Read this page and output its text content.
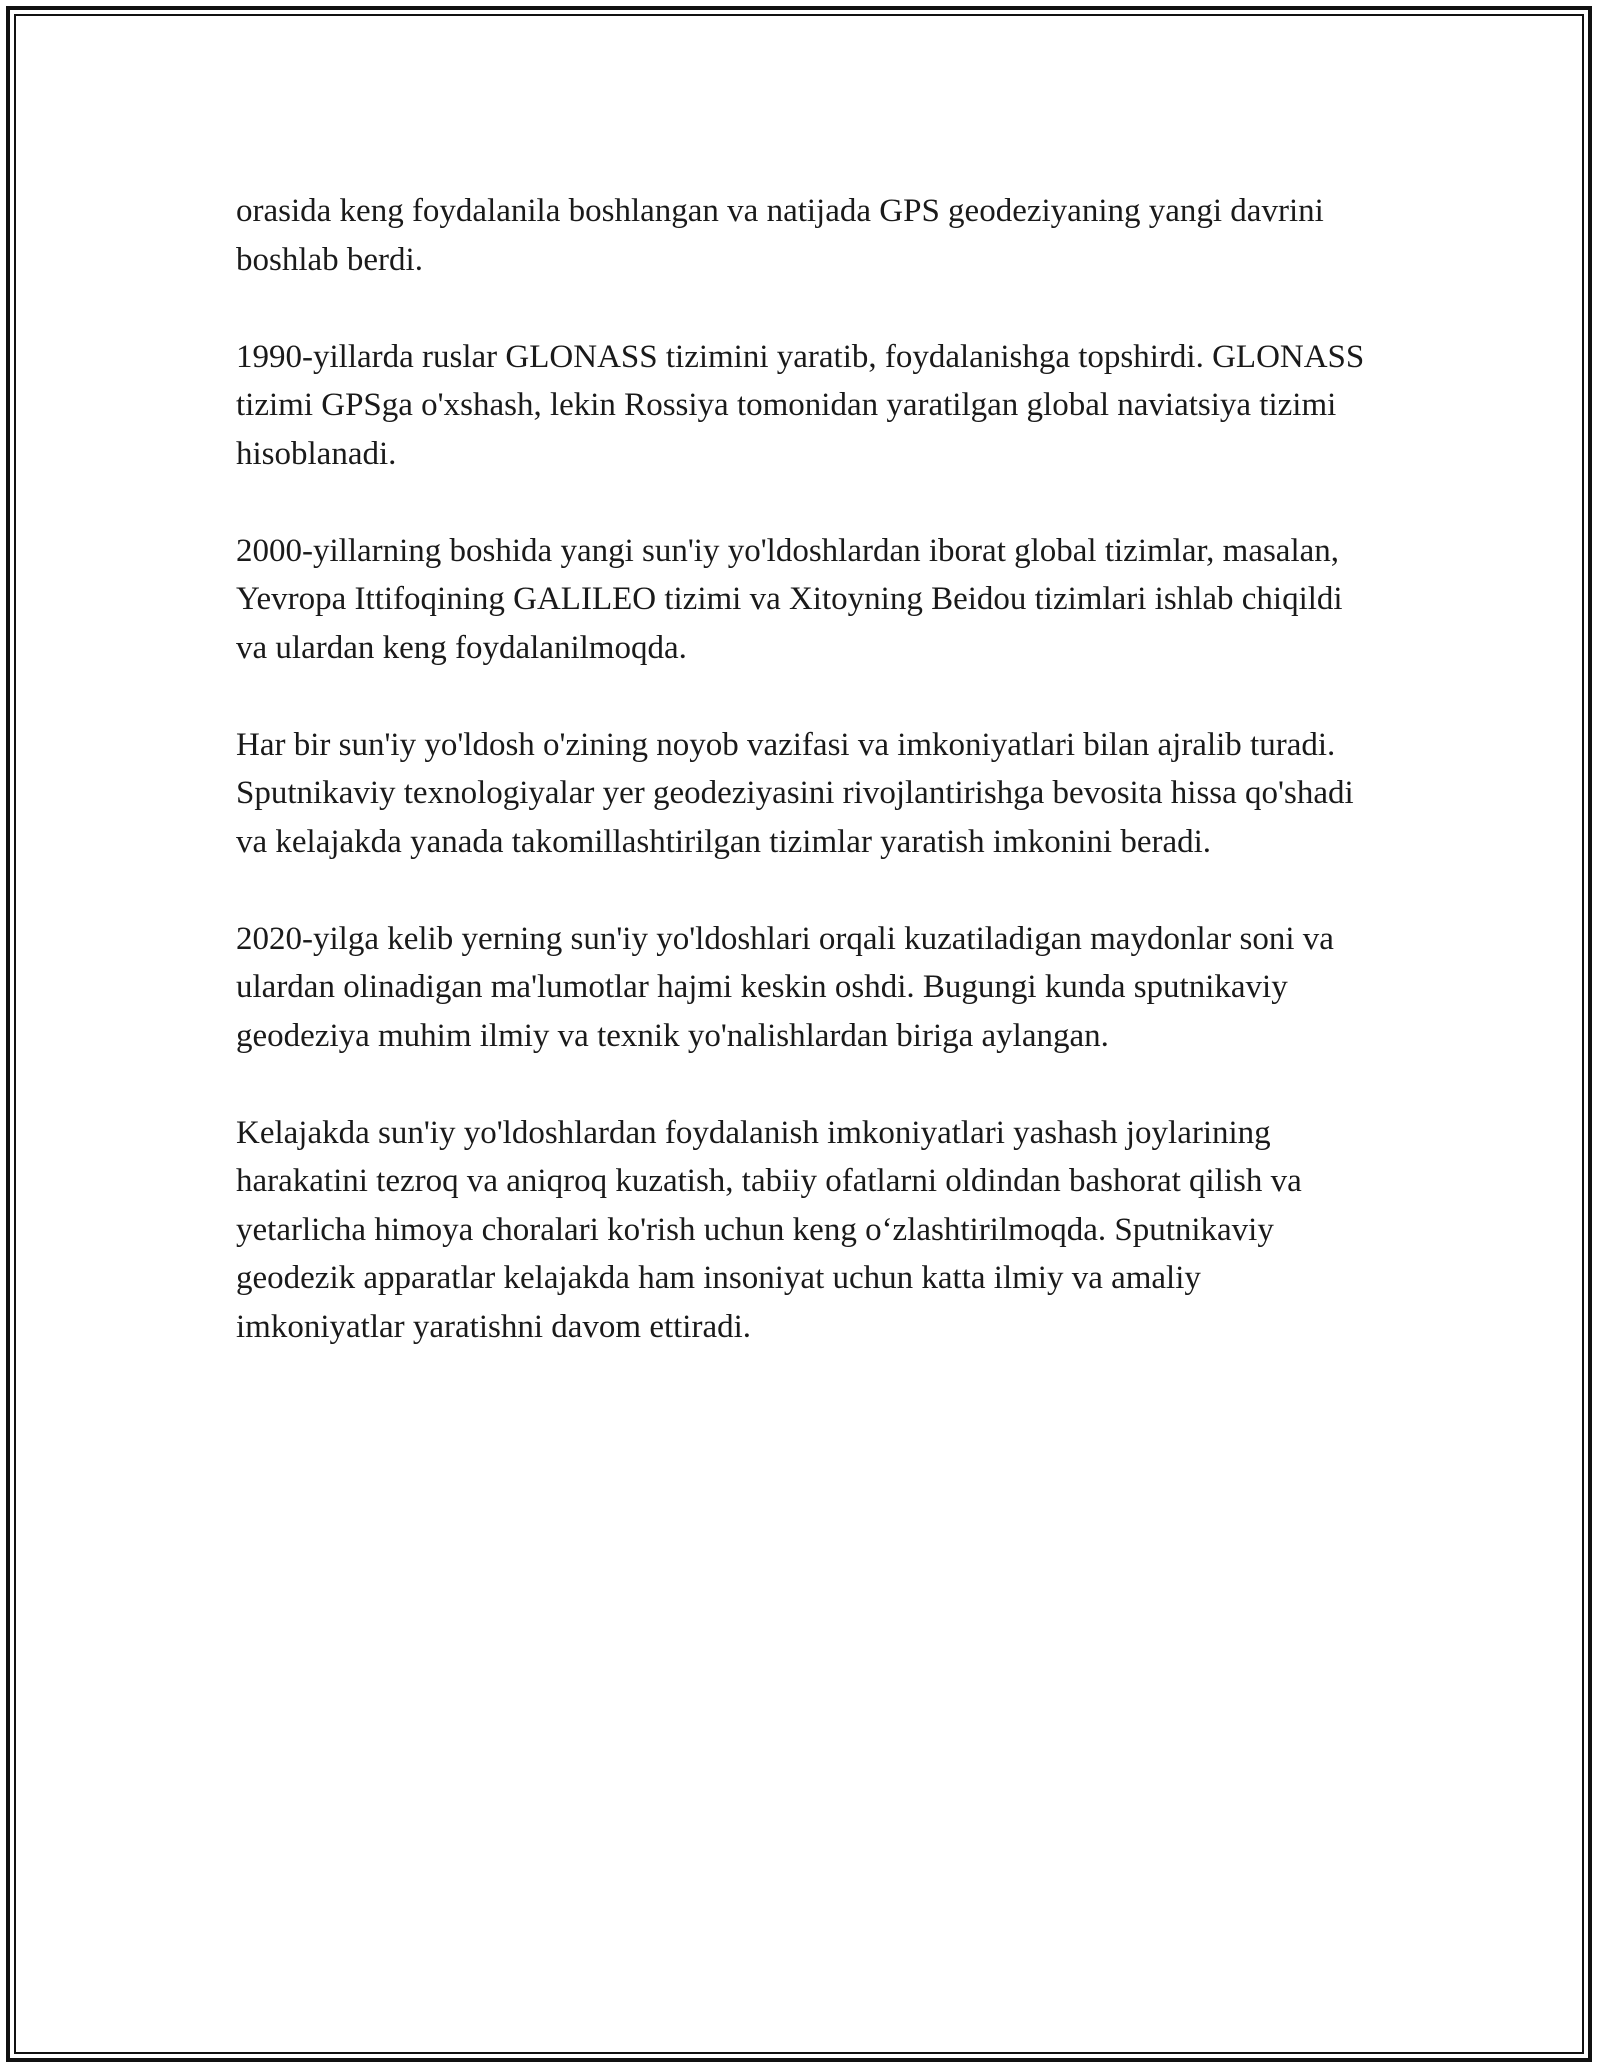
orasida keng foydalanila boshlangan va natijada GPS geodeziyaning yangi davrini boshlab berdi.

1990-yillarda ruslar GLONASS tizimini yaratib, foydalanishga topshirdi. GLONASS tizimi GPSga o'xshash, lekin Rossiya tomonidan yaratilgan global naviatsiya tizimi hisoblanadi.

2000-yillarning boshida yangi sun'iy yo'ldoshlardan iborat global tizimlar, masalan, Yevropa Ittifoqining GALILEO tizimi va Xitoyning Beidou tizimlari ishlab chiqildi va ulardan keng foydalanilmoqda.

Har bir sun'iy yo'ldosh o'zining noyob vazifasi va imkoniyatlari bilan ajralib turadi. Sputnikaviy texnologiyalar yer geodeziyasini rivojlantirishga bevosita hissa qo'shadi va kelajakda yanada takomillashtirilgan tizimlar yaratish imkonini beradi.

2020-yilga kelib yerning sun'iy yo'ldoshlari orqali kuzatiladigan maydonlar soni va ulardan olinadigan ma'lumotlar hajmi keskin oshdi. Bugungi kunda sputnikaviy geodeziya muhim ilmiy va texnik yo'nalishlardan biriga aylangan.

Kelajakda sun'iy yo'ldoshlardan foydalanish imkoniyatlari yashash joylarining harakatini tezroq va aniqroq kuzatish, tabiiy ofatlarni oldindan bashorat qilish va yetarlicha himoya choralari ko'rish uchun keng o‘zlashtirilmoqda. Sputnikaviy geodezik apparatlar kelajakda ham insoniyat uchun katta ilmiy va amaliy imkoniyatlar yaratishni davom ettiradi.
